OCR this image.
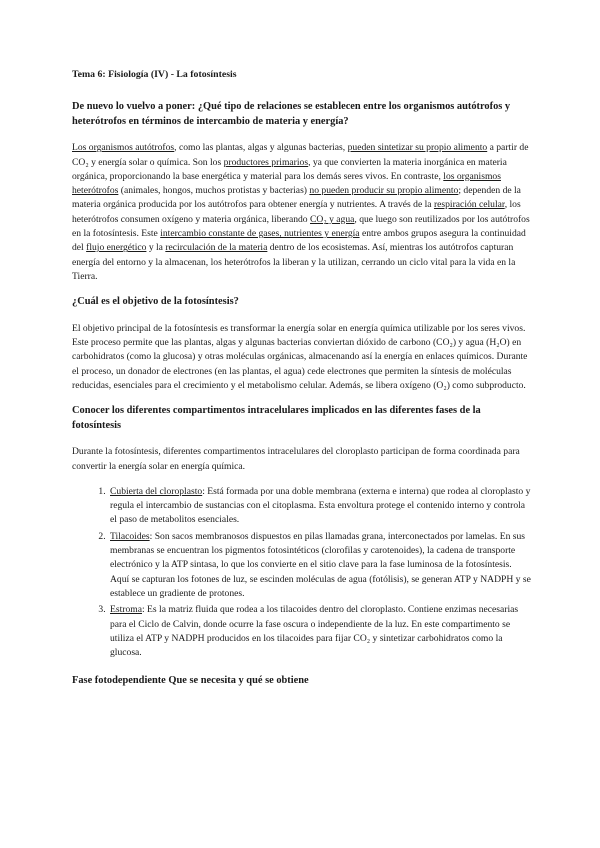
Tema 6: Fisiología (IV) - La fotosíntesis
De nuevo lo vuelvo a poner: ¿Qué tipo de relaciones se establecen entre los organismos autótrofos y heterótrofos en términos de intercambio de materia y energía?

Los organismos autótrofos, como las plantas, algas y algunas bacterias, pueden sintetizar su propio alimento a partir de CO₂ y energía solar o química. Son los productores primarios, ya que convierten la materia inorgánica en materia orgánica, proporcionando la base energética y material para los demás seres vivos. En contraste, los organismos heterótrofos (animales, hongos, muchos protistas y bacterias) no pueden producir su propio alimento; dependen de la materia orgánica producida por los autótrofos para obtener energía y nutrientes. A través de la respiración celular, los heterótrofos consumen oxígeno y materia orgánica, liberando CO₂ y agua, que luego son reutilizados por los autótrofos en la fotosíntesis. Este intercambio constante de gases, nutrientes y energía entre ambos grupos asegura la continuidad del flujo energético y la recirculación de la materia dentro de los ecosistemas. Así, mientras los autótrofos capturan energía del entorno y la almacenan, los heterótrofos la liberan y la utilizan, cerrando un ciclo vital para la vida en la Tierra.

¿Cuál es el objetivo de la fotosíntesis?

El objetivo principal de la fotosíntesis es transformar la energía solar en energía química utilizable por los seres vivos. Este proceso permite que las plantas, algas y algunas bacterias conviertan dióxido de carbono (CO₂) y agua (H₂O) en carbohidratos (como la glucosa) y otras moléculas orgánicas, almacenando así la energía en enlaces químicos. Durante el proceso, un donador de electrones (en las plantas, el agua) cede electrones que permiten la síntesis de moléculas reducidas, esenciales para el crecimiento y el metabolismo celular. Además, se libera oxígeno (O₂) como subproducto.

Conocer los diferentes compartimentos intracelulares implicados en las diferentes fases de la fotosíntesis

Durante la fotosíntesis, diferentes compartimentos intracelulares del cloroplasto participan de forma coordinada para convertir la energía solar en energía química.

1. Cubierta del cloroplasto: Está formada por una doble membrana (externa e interna) que rodea al cloroplasto y regula el intercambio de sustancias con el citoplasma. Esta envoltura protege el contenido interno y controla el paso de metabolitos esenciales.
2. Tilacoides: Son sacos membranosos dispuestos en pilas llamadas grana, interconectados por lamelas. En sus membranas se encuentran los pigmentos fotosintéticos (clorofilas y carotenoides), la cadena de transporte electrónico y la ATP sintasa, lo que los convierte en el sitio clave para la fase luminosa de la fotosíntesis. Aquí se capturan los fotones de luz, se escinden moléculas de agua (fotólisis), se generan ATP y NADPH y se establece un gradiente de protones.
3. Estroma: Es la matriz fluida que rodea a los tilacoides dentro del cloroplasto. Contiene enzimas necesarias para el Ciclo de Calvin, donde ocurre la fase oscura o independiente de la luz. En este compartimento se utiliza el ATP y NADPH producidos en los tilacoides para fijar CO₂ y sintetizar carbohidratos como la glucosa.
Fase fotodependiente Que se necesita y qué se obtiene
